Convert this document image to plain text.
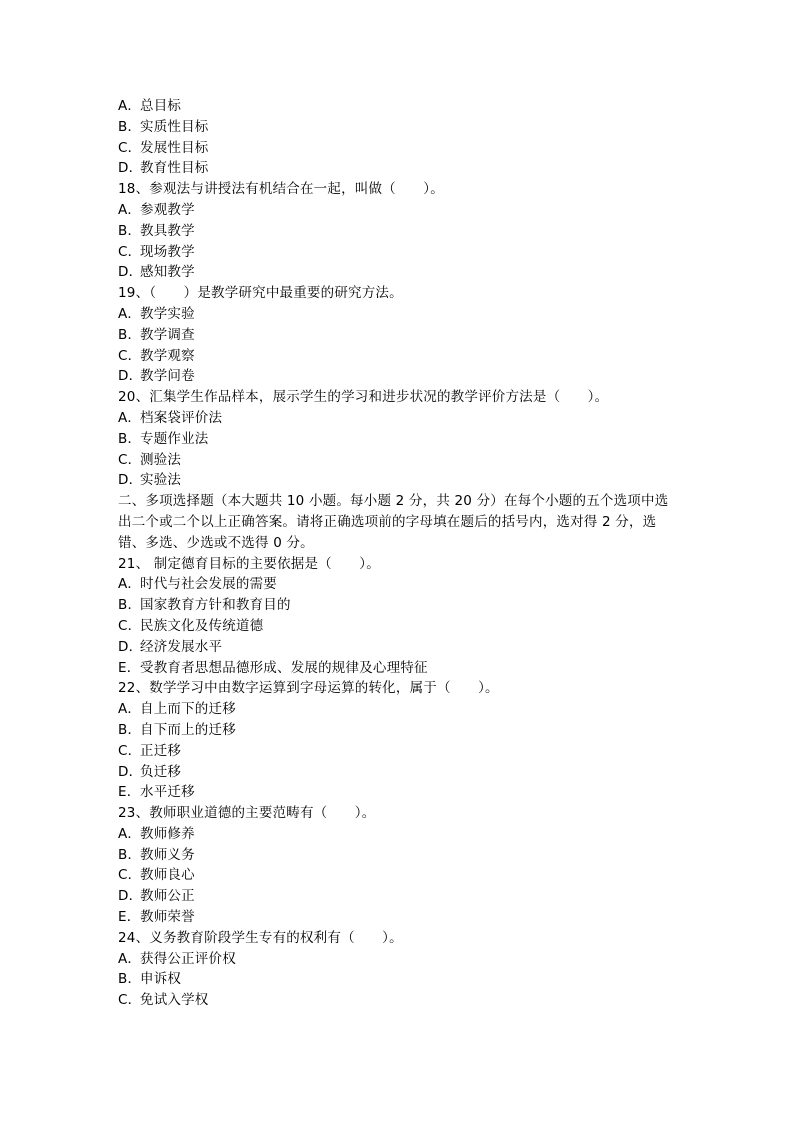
A．总目标
B．实质性目标
C．发展性目标
D．教育性目标
18、参观法与讲授法有机结合在一起，叫做（　　）。
A．参观教学
B．教具教学
C．现场教学
D．感知教学
19、（　　）是教学研究中最重要的研究方法。
A．教学实验
B．教学调查
C．教学观察
D．教学问卷
20、汇集学生作品样本，展示学生的学习和进步状况的教学评价方法是（　　）。
A．档案袋评价法
B．专题作业法
C．测验法
D．实验法
二、多项选择题（本大题共 10 小题。每小题 2 分，共 20 分）在每个小题的五个选项中选
出二个或二个以上正确答案。请将正确选项前的字母填在题后的括号内，选对得 2 分，选
错、多选、少选或不选得 0 分。
21、 制定德育目标的主要依据是（　　）。
A．时代与社会发展的需要
B．国家教育方针和教育目的
C．民族文化及传统道德
D．经济发展水平
E．受教育者思想品德形成、发展的规律及心理特征
22、数学学习中由数字运算到字母运算的转化，属于（　　）。
A．自上而下的迁移
B．自下而上的迁移
C．正迁移
D．负迁移
E．水平迁移
23、教师职业道德的主要范畴有（　　）。
A．教师修养
B．教师义务
C．教师良心
D．教师公正
E．教师荣誉
24、义务教育阶段学生专有的权利有（　　）。
A．获得公正评价权
B．申诉权
C．免试入学权
